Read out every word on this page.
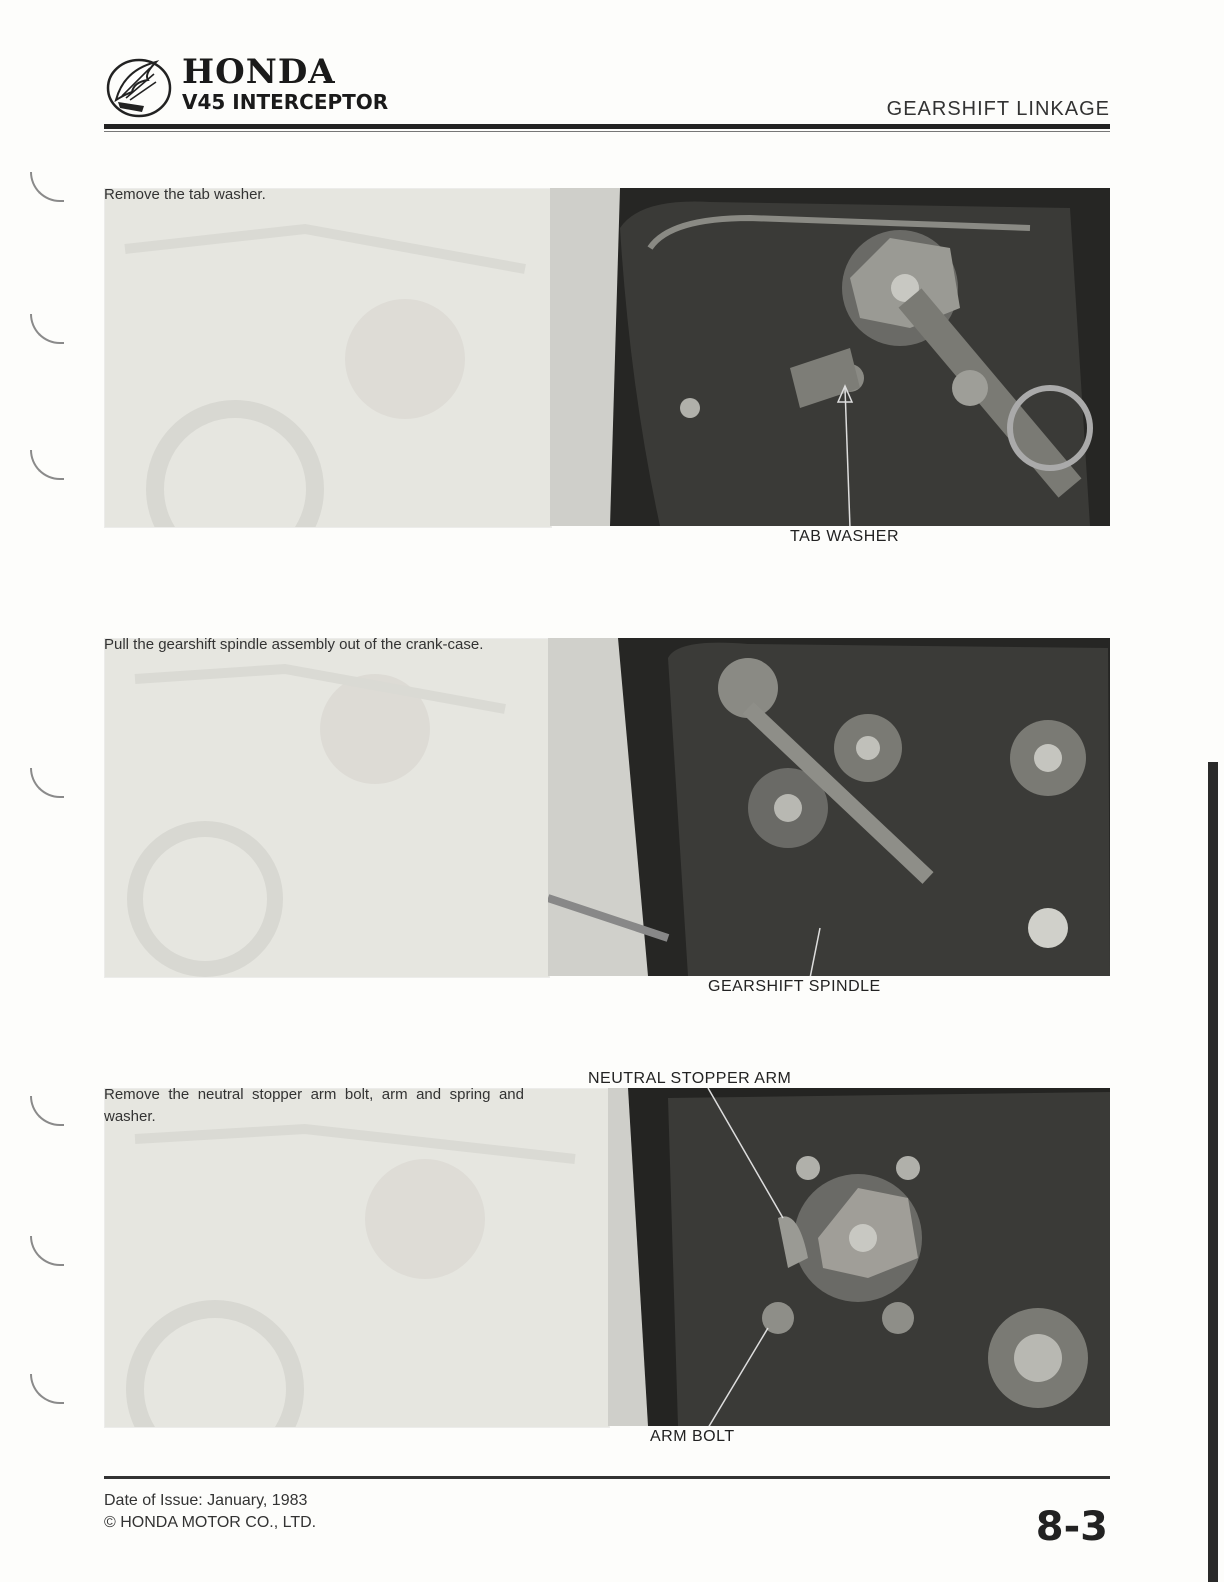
HONDA
V45 INTERCEPTOR	GEARSHIFT LINKAGE
Remove the tab washer.
TAB WASHER
Pull the gearshift spindle assembly out of the crank-case.
GEARSHIFT SPINDLE
NEUTRAL STOPPER ARM
Remove the neutral stopper arm bolt, arm and spring and washer.
ARM BOLT
Date of Issue: January, 1983
© HONDA MOTOR CO., LTD.	8-3
